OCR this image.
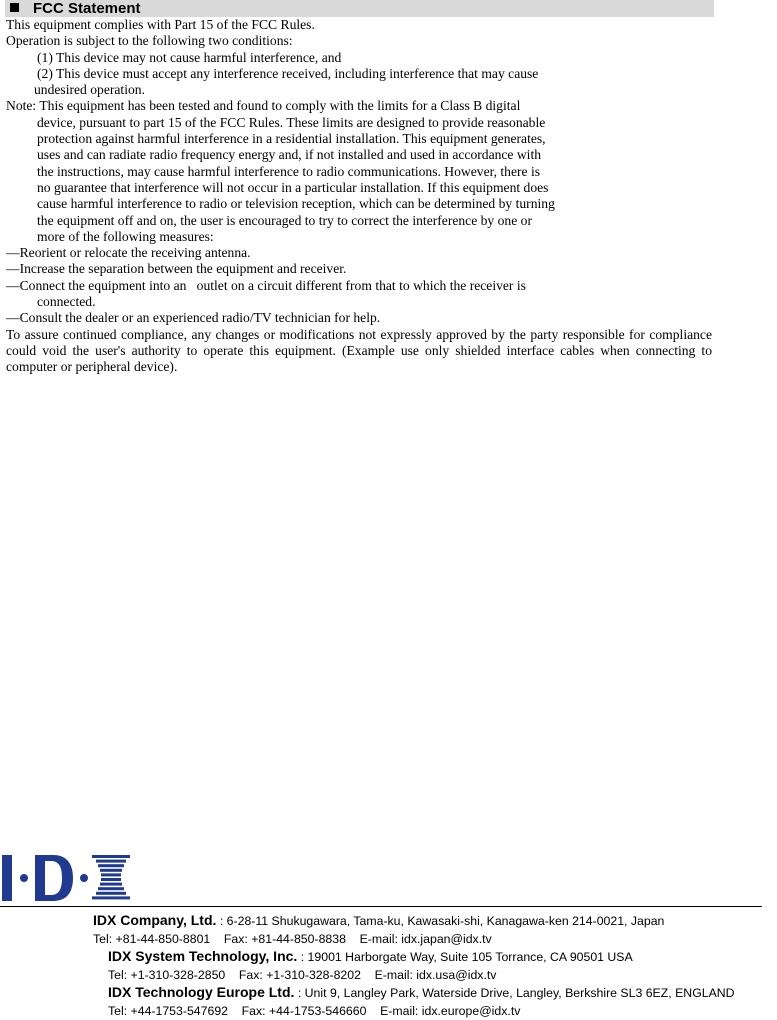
FCC Statement
This equipment complies with Part 15 of the FCC Rules.
Operation is subject to the following two conditions:
(1) This device may not cause harmful interference, and
(2) This device must accept any interference received, including interference that may cause
undesired operation.
Note: This equipment has been tested and found to comply with the limits for a Class B digital
device, pursuant to part 15 of the FCC Rules. These limits are designed to provide reasonable
protection against harmful interference in a residential installation. This equipment generates,
uses and can radiate radio frequency energy and, if not installed and used in accordance with
the instructions, may cause harmful interference to radio communications. However, there is
no guarantee that interference will not occur in a particular installation. If this equipment does
cause harmful interference to radio or television reception, which can be determined by turning
the equipment off and on, the user is encouraged to try to correct the interference by one or
more of the following measures:
—Reorient or relocate the receiving antenna.
—Increase the separation between the equipment and receiver.
—Connect the equipment into an   outlet on a circuit different from that to which the receiver is
connected.
—Consult the dealer or an experienced radio/TV technician for help.
To assure continued compliance, any changes or modifications not expressly approved by the party responsible for compliance could void the user's authority to operate this equipment. (Example use only shielded interface cables when connecting to computer or peripheral device).
IDX Company, Ltd. : 6-28-11 Shukugawara, Tama-ku, Kawasaki-shi, Kanagawa-ken 214-0021, Japan
Tel: +81-44-850-8801    Fax: +81-44-850-8838    E-mail: idx.japan@idx.tv
IDX System Technology, Inc. : 19001 Harborgate Way, Suite 105 Torrance, CA 90501 USA
Tel: +1-310-328-2850    Fax: +1-310-328-8202    E-mail: idx.usa@idx.tv
IDX Technology Europe Ltd. : Unit 9, Langley Park, Waterside Drive, Langley, Berkshire SL3 6EZ, ENGLAND
Tel: +44-1753-547692    Fax: +44-1753-546660    E-mail: idx.europe@idx.tv
